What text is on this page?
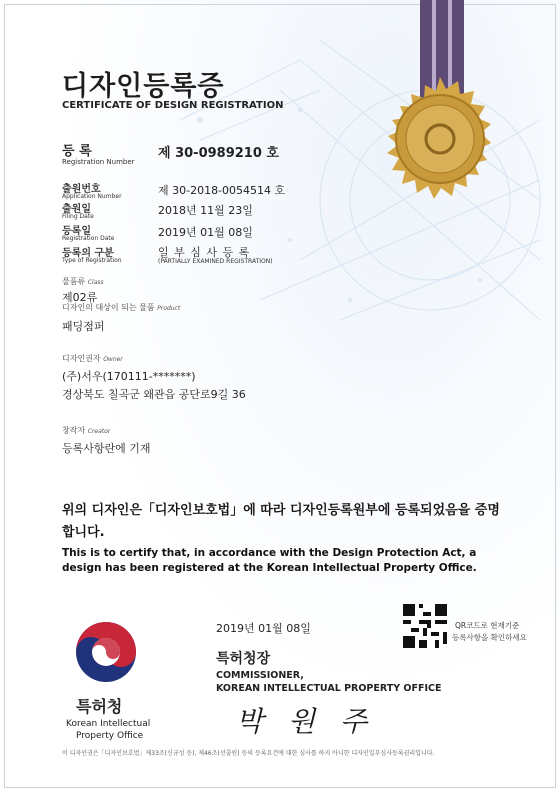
디자인등록증
CERTIFICATE OF DESIGN REGISTRATION
등 록
Registration Number
제 30-0989210 호
출원번호
Application Number	제 30-2018-0054514 호
출원일
Filing Date	2018년 11월 23일
등록일
Registration Date	2019년 01월 08일
등록의 구분
Type of Registration
일 부 심 사 등 록
(PARTIALLY EXAMINED REGISTRATION)
물품류 Class
제02류
디자인의 대상이 되는 물품 Product
패딩점퍼
디자인권자 Owner
(주)서우(170111-*******)
경상북도 칠곡군 왜관읍 공단로9길 36
창작자 Creator
등록사항란에 기재
위의 디자인은「디자인보호법」에 따라 디자인등록원부에 등록되었음을 증명합니다.
This is to certify that, in accordance with the Design Protection Act, a design has been registered at the Korean Intellectual Property Office.
2019년 01월 08일	QR코드로 현재기준
등록사항을 확인하세요
특허청장
COMMISSIONER,
KOREAN INTELLECTUAL PROPERTY OFFICE
박 원 주
특허청
Korean Intellectual
Property Office
이 디자인권은「디자인보호법」제33조(신규성 등), 제46조(선출원) 등의 등록요건에 대한 심사를 하지 아니한 디자인일부심사등록권리입니다.
